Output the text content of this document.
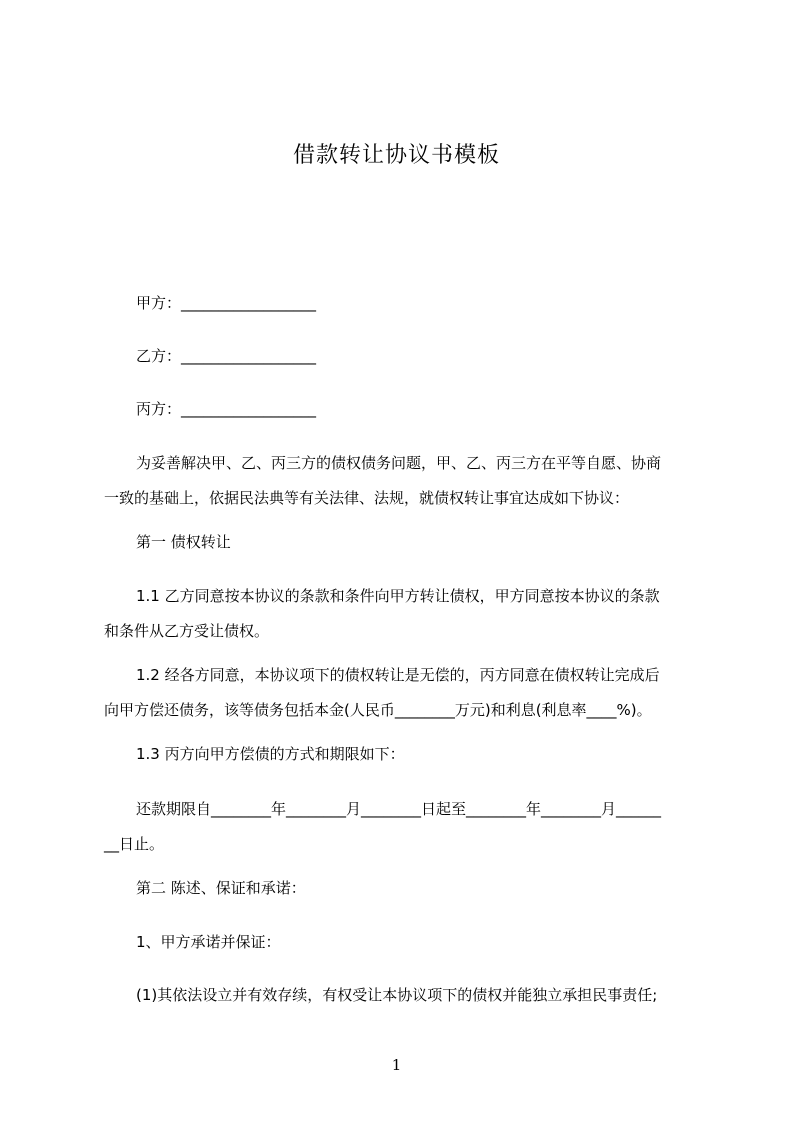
借款转让协议书模板
甲方：__________________
乙方：__________________
丙方：__________________
为妥善解决甲、乙、丙三方的债权债务问题，甲、乙、丙三方在平等自愿、协商
一致的基础上，依据民法典等有关法律、法规，就债权转让事宜达成如下协议：
第一 债权转让
1.1 乙方同意按本协议的条款和条件向甲方转让债权，甲方同意按本协议的条款
和条件从乙方受让债权。
1.2 经各方同意，本协议项下的债权转让是无偿的，丙方同意在债权转让完成后
向甲方偿还债务，该等债务包括本金(人民币________万元)和利息(利息率____%)。
1.3 丙方向甲方偿债的方式和期限如下：
还款期限自________年________月________日起至________年________月______
__日止。
第二 陈述、保证和承诺：
1、甲方承诺并保证：
(1)其依法设立并有效存续，有权受让本协议项下的债权并能独立承担民事责任;
1
